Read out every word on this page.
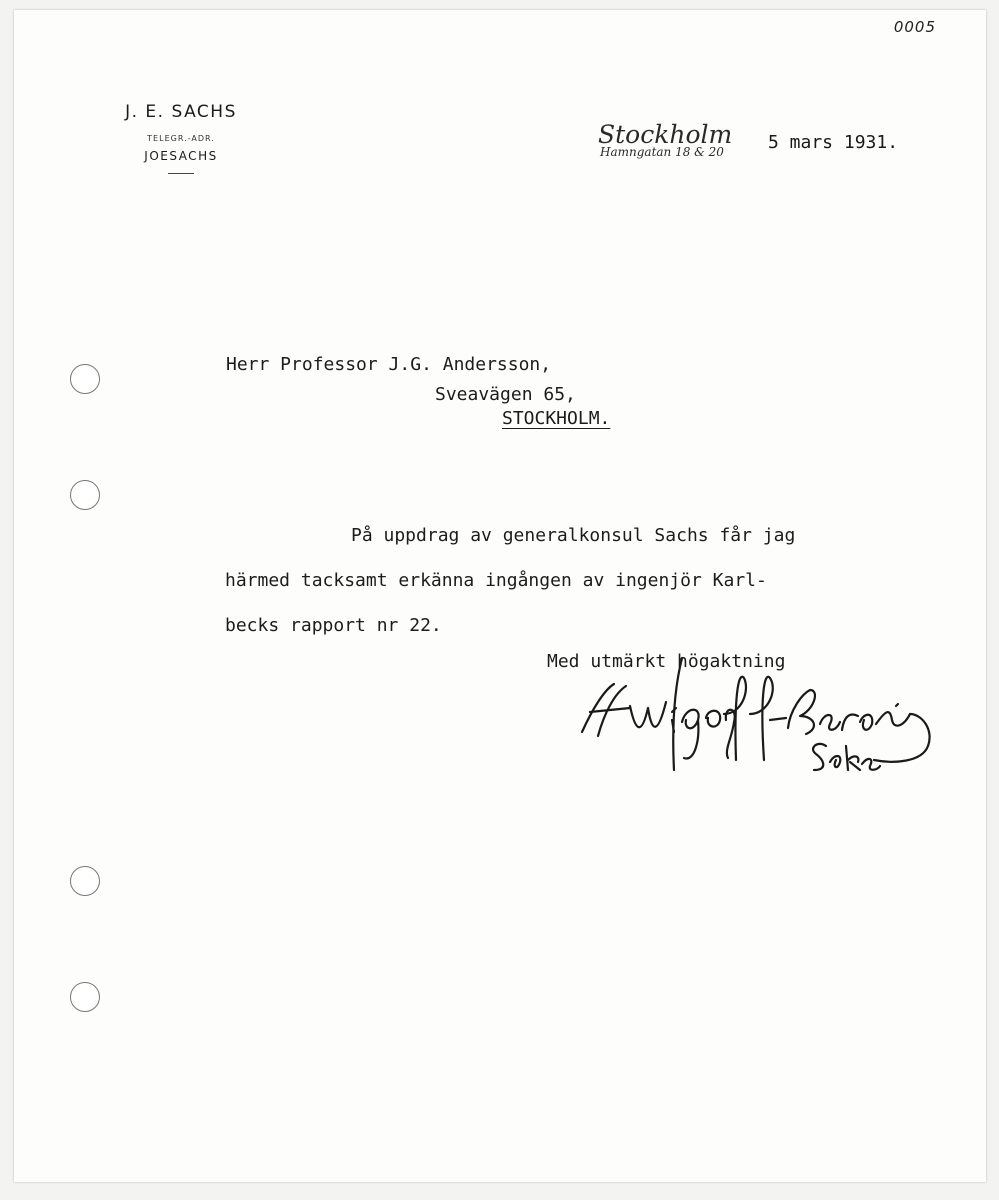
0005
J. E. SACHS
TELEGR.-ADR.
JOESACHS
Stockholm
Hamngatan 18 & 20	5 mars 1931.
Herr Professor J.G. Andersson,
Sveavägen 65,
STOCKHOLM.
På uppdrag av generalkonsul Sachs får jag
härmed tacksamt erkänna ingången av ingenjör Karl-
becks rapport nr 22.
Med utmärkt högaktning
